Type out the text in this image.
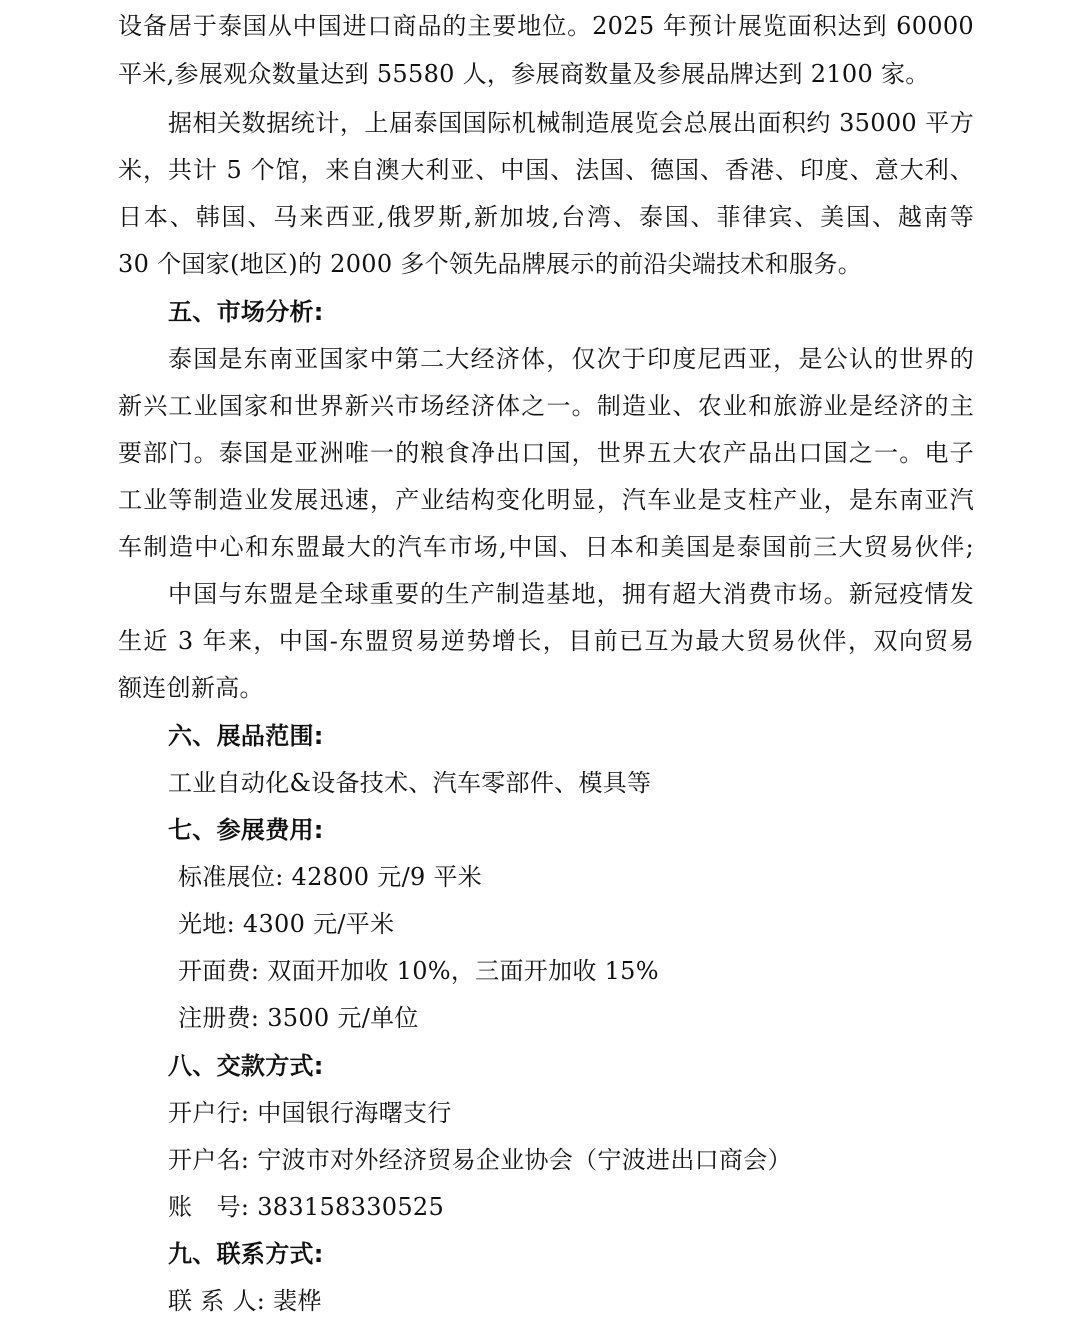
设备居于泰国从中国进口商品的主要地位。2025 年预计展览面积达到 60000
平米,参展观众数量达到 55580 人，参展商数量及参展品牌达到 2100 家。
据相关数据统计，上届泰国国际机械制造展览会总展出面积约 35000 平方
米，共计 5 个馆，来自澳大利亚、中国、法国、德国、香港、印度、意大利、
日本、韩国、马来西亚,俄罗斯,新加坡,台湾、泰国、菲律宾、美国、越南等
30 个国家(地区)的 2000 多个领先品牌展示的前沿尖端技术和服务。
五、市场分析:
泰国是东南亚国家中第二大经济体，仅次于印度尼西亚，是公认的世界的
新兴工业国家和世界新兴市场经济体之一。制造业、农业和旅游业是经济的主
要部门。泰国是亚洲唯一的粮食净出口国，世界五大农产品出口国之一。电子
工业等制造业发展迅速，产业结构变化明显，汽车业是支柱产业，是东南亚汽
车制造中心和东盟最大的汽车市场,中国、日本和美国是泰国前三大贸易伙伴;
中国与东盟是全球重要的生产制造基地，拥有超大消费市场。新冠疫情发
生近 3 年来，中国-东盟贸易逆势增长，目前已互为最大贸易伙伴，双向贸易
额连创新高。
六、展品范围:
工业自动化&设备技术、汽车零部件、模具等
七、参展费用:
标准展位: 42800 元/9 平米
光地: 4300 元/平米
开面费: 双面开加收 10%，三面开加收 15%
注册费: 3500 元/单位
八、交款方式:
开户行: 中国银行海曙支行
开户名: 宁波市对外经济贸易企业协会（宁波进出口商会）
账　号: 383158330525
九、联系方式:
联 系 人: 裴桦
